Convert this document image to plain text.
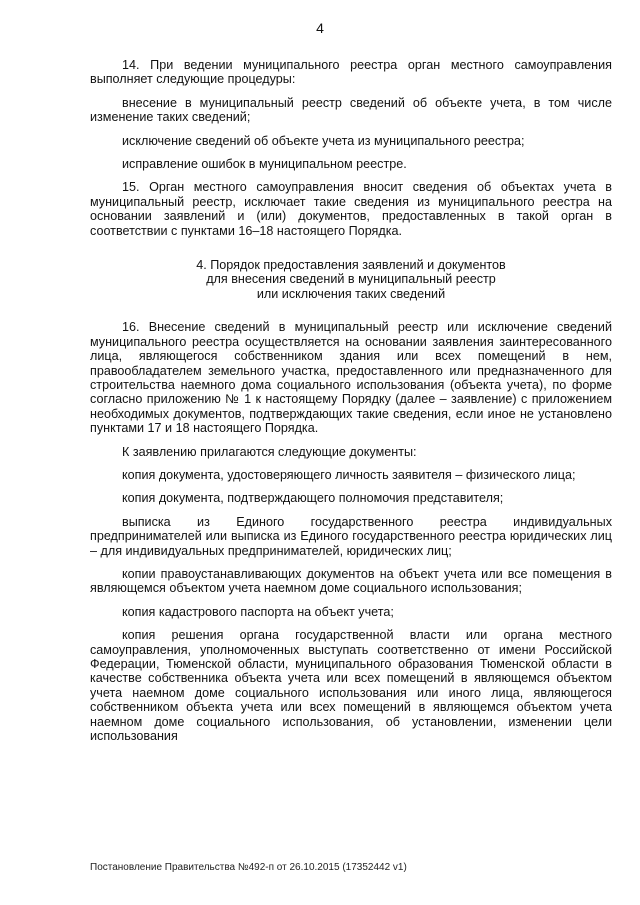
4

14. При ведении муниципального реестра орган местного самоуправления выполняет следующие процедуры:

внесение в муниципальный реестр сведений об объекте учета, в том числе изменение таких сведений;

исключение сведений об объекте учета из муниципального реестра;

исправление ошибок в муниципальном реестре.

15. Орган местного самоуправления вносит сведения об объектах учета в муниципальный реестр, исключает такие сведения из муниципального реестра на основании заявлений и (или) документов, предоставленных в такой орган в соответствии с пунктами 16–18 настоящего Порядка.

4. Порядок предоставления заявлений и документов
для внесения сведений в муниципальный реестр
или исключения таких сведений

16. Внесение сведений в муниципальный реестр или исключение сведений муниципального реестра осуществляется на основании заявления заинтересованного лица, являющегося собственником здания или всех помещений в нем, правообладателем земельного участка, предоставленного или предназначенного для строительства наемного дома социального использования (объекта учета), по форме согласно приложению № 1 к настоящему Порядку (далее – заявление) с приложением необходимых документов, подтверждающих такие сведения, если иное не установлено пунктами 17 и 18 настоящего Порядка.

К заявлению прилагаются следующие документы:

копия документа, удостоверяющего личность заявителя – физического лица;

копия документа, подтверждающего полномочия представителя;

выписка из Единого государственного реестра индивидуальных предпринимателей или выписка из Единого государственного реестра юридических лиц – для индивидуальных предпринимателей, юридических лиц;

копии правоустанавливающих документов на объект учета или все помещения в являющемся объектом учета наемном доме социального использования;

копия кадастрового паспорта на объект учета;

копия решения органа государственной власти или органа местного самоуправления, уполномоченных выступать соответственно от имени Российской Федерации, Тюменской области, муниципального образования Тюменской области в качестве собственника объекта учета или всех помещений в являющемся объектом учета наемном доме социального использования или иного лица, являющегося собственником объекта учета или всех помещений в являющемся объектом учета наемном доме социального использования, об установлении, изменении цели использования

Постановление Правительства №492-п от 26.10.2015 (17352442 v1)
